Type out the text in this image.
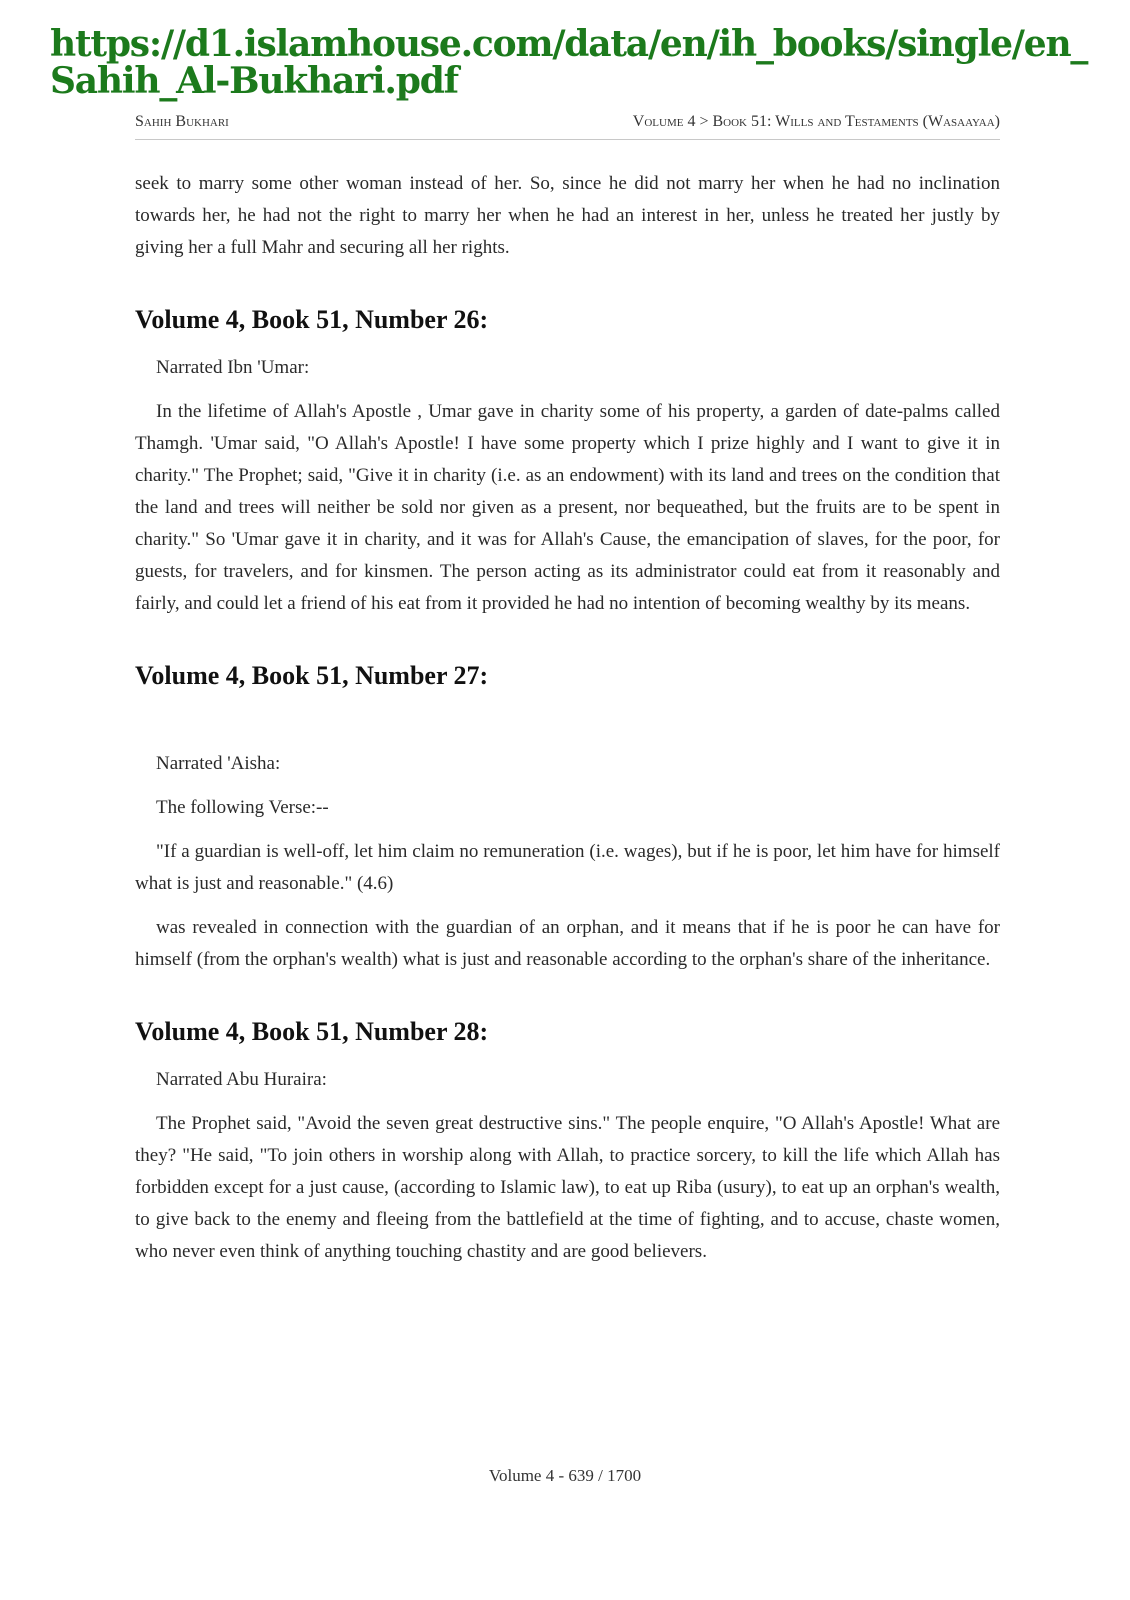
https://d1.islamhouse.com/data/en/ih_books/single/en_Sahih_Al-Bukhari.pdf
Sahih Bukhari	Volume 4 > Book 51: Wills and Testaments (Wasaayaa)

seek to marry some other woman instead of her. So, since he did not marry her when he had no inclination towards her, he had not the right to marry her when he had an interest in her, unless he treated her justly by giving her a full Mahr and securing all her rights.

Volume 4, Book 51, Number 26:

Narrated Ibn 'Umar:

In the lifetime of Allah's Apostle , Umar gave in charity some of his property, a garden of date-palms called Thamgh. 'Umar said, "O Allah's Apostle! I have some property which I prize highly and I want to give it in charity." The Prophet; said, "Give it in charity (i.e. as an endowment) with its land and trees on the condition that the land and trees will neither be sold nor given as a present, nor bequeathed, but the fruits are to be spent in charity." So 'Umar gave it in charity, and it was for Allah's Cause, the emancipation of slaves, for the poor, for guests, for travelers, and for kinsmen. The person acting as its administrator could eat from it reasonably and fairly, and could let a friend of his eat from it provided he had no intention of becoming wealthy by its means.

Volume 4, Book 51, Number 27:

Narrated 'Aisha:

The following Verse:--

"If a guardian is well-off, let him claim no remuneration (i.e. wages), but if he is poor, let him have for himself what is just and reasonable." (4.6)

was revealed in connection with the guardian of an orphan, and it means that if he is poor he can have for himself (from the orphan's wealth) what is just and reasonable according to the orphan's share of the inheritance.

Volume 4, Book 51, Number 28:

Narrated Abu Huraira:

The Prophet said, "Avoid the seven great destructive sins." The people enquire, "O Allah's Apostle! What are they? "He said, "To join others in worship along with Allah, to practice sorcery, to kill the life which Allah has forbidden except for a just cause, (according to Islamic law), to eat up Riba (usury), to eat up an orphan's wealth, to give back to the enemy and fleeing from the battlefield at the time of fighting, and to accuse, chaste women, who never even think of anything touching chastity and are good believers.

Volume 4 - 639 / 1700
